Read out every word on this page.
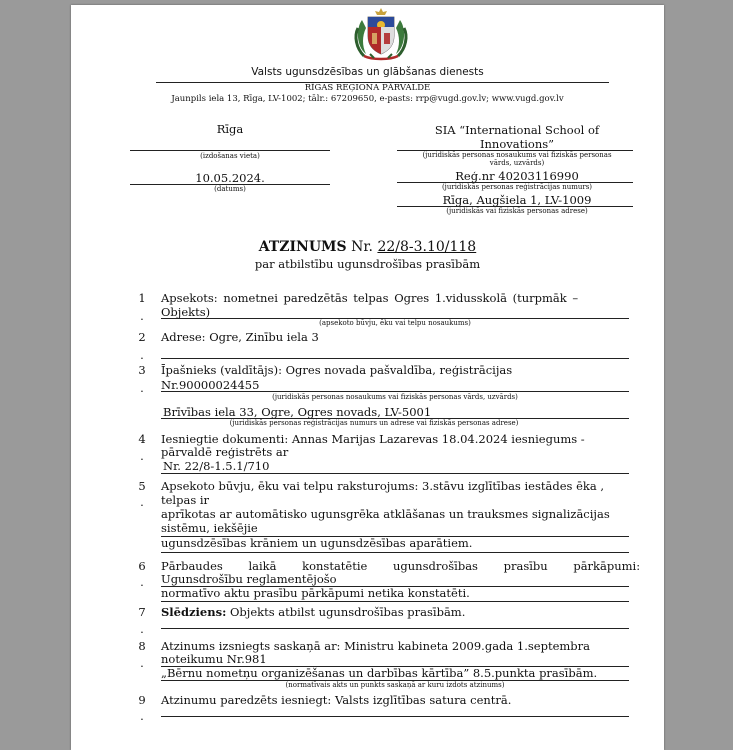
Valsts ugunsdzēsības un glābšanas dienests
RĪGAS REĢIONA PĀRVALDE
Jaunpils iela 13, Rīga, LV-1002; tālr.: 67209650, e-pasts: rrp@vugd.gov.lv; www.vugd.gov.lv
Rīga
(izdošanas vieta)
10.05.2024.
(datums)
SIA “International School of
Innovations”
(juridiskās personas nosaukums vai fiziskās personas
vārds, uzvārds)
Reģ.nr 40203116990
(juridiskās personas reģistrācijas numurs)
Rīga, Augšiela 1, LV-1009
(juridiskās vai fiziskās personas adrese)
ATZINUMS Nr. 22/8-3.10/118
par atbilstību ugunsdrošības prasībām
1
.
Apsekots: nometnei paredzētās telpas Ogres 1.vidusskolā (turpmāk –
Objekts)
(apsekoto būvju, ēku vai telpu nosaukums)
2
.
Adrese: Ogre, Zinību iela 3
3
.
Īpašnieks (valdītājs): Ogres novada pašvaldība, reģistrācijas
Nr.90000024455
(juridiskās personas nosaukums vai fiziskās personas vārds, uzvārds)
Brīvības iela 33, Ogre, Ogres novads, LV-5001
(juridiskās personas reģistrācijas numurs un adrese vai fiziskās personas adrese)
4
.
Iesniegtie dokumenti: Annas Marijas Lazarevas 18.04.2024 iesniegums -
pārvaldē reģistrēts ar
Nr. 22/8-1.5.1/710
5
.
Apsekoto būvju, ēku vai telpu raksturojums: 3.stāvu izglītības iestādes ēka ,
telpas ir
aprīkotas ar automātisko ugunsgrēka atklāšanas un trauksmes signalizācijas
sistēmu, iekšējie
ugunsdzēsības krāniem un ugunsdzēsības aparātiem.
6
.
Pārbaudes laikā konstatētie ugunsdrošības prasību pārkāpumi:
Ugunsdrošību reglamentējošo
normatīvo aktu prasību pārkāpumi netika konstatēti.
7
.
Slēdziens: Objekts atbilst ugunsdrošības prasībām.
8
.
Atzinums izsniegts saskaņā ar: Ministru kabineta 2009.gada 1.septembra
noteikumu Nr.981
„Bērnu nometņu organizēšanas un darbības kārtība” 8.5.punkta prasībām.
(normatīvais akts un punkts saskaņā ar kuru izdots atzinums)
9
.
Atzinumu paredzēts iesniegt: Valsts izglītības satura centrā.
